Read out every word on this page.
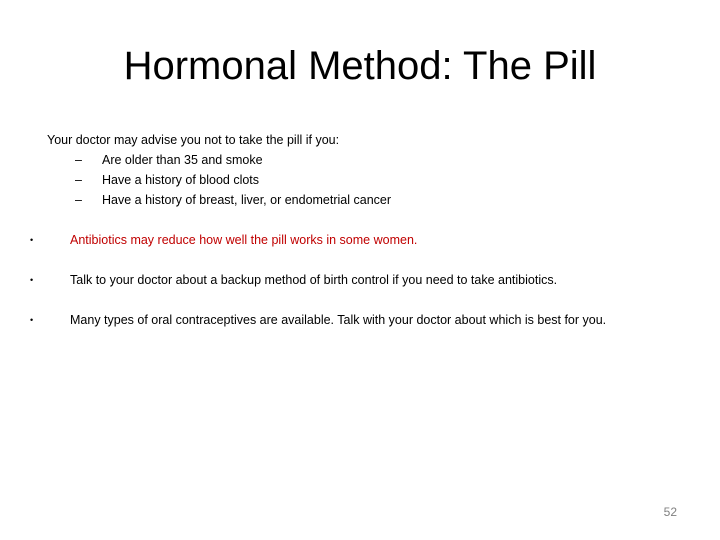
Hormonal Method: The Pill

Your doctor may advise you not to take the pill if you:

– Are older than 35 and smoke
– Have a history of blood clots
– Have a history of breast, liver, or endometrial cancer
•	Antibiotics may reduce how well the pill works in some women.
•	Talk to your doctor about a backup method of birth control if you need to take antibiotics.
•	Many types of oral contraceptives are available. Talk with your doctor about which is best for you.

52
